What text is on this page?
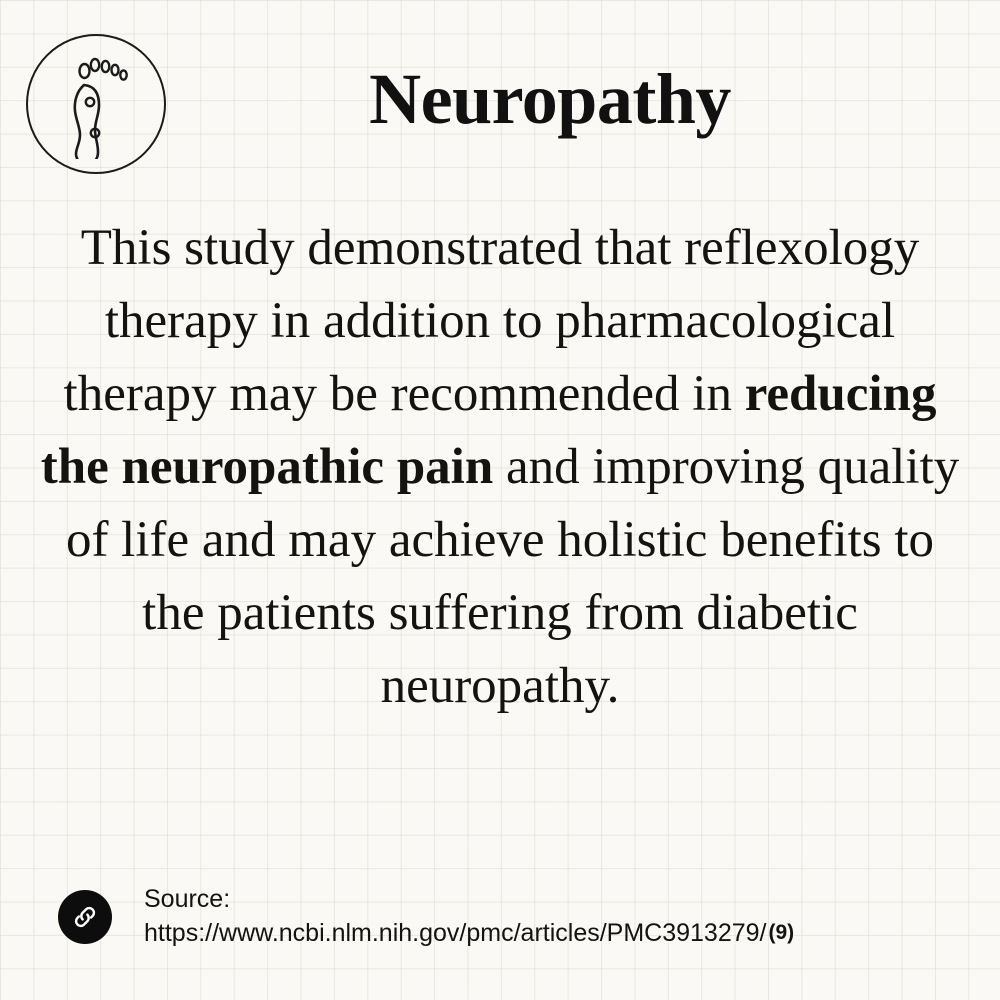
Neuropathy
This study demonstrated that reflexology therapy in addition to pharmacological therapy may be recommended in reducing the neuropathic pain and improving quality of life and may achieve holistic benefits to the patients suffering from diabetic neuropathy.
Source:
https://www.ncbi.nlm.nih.gov/pmc/articles/PMC3913279/(9)
